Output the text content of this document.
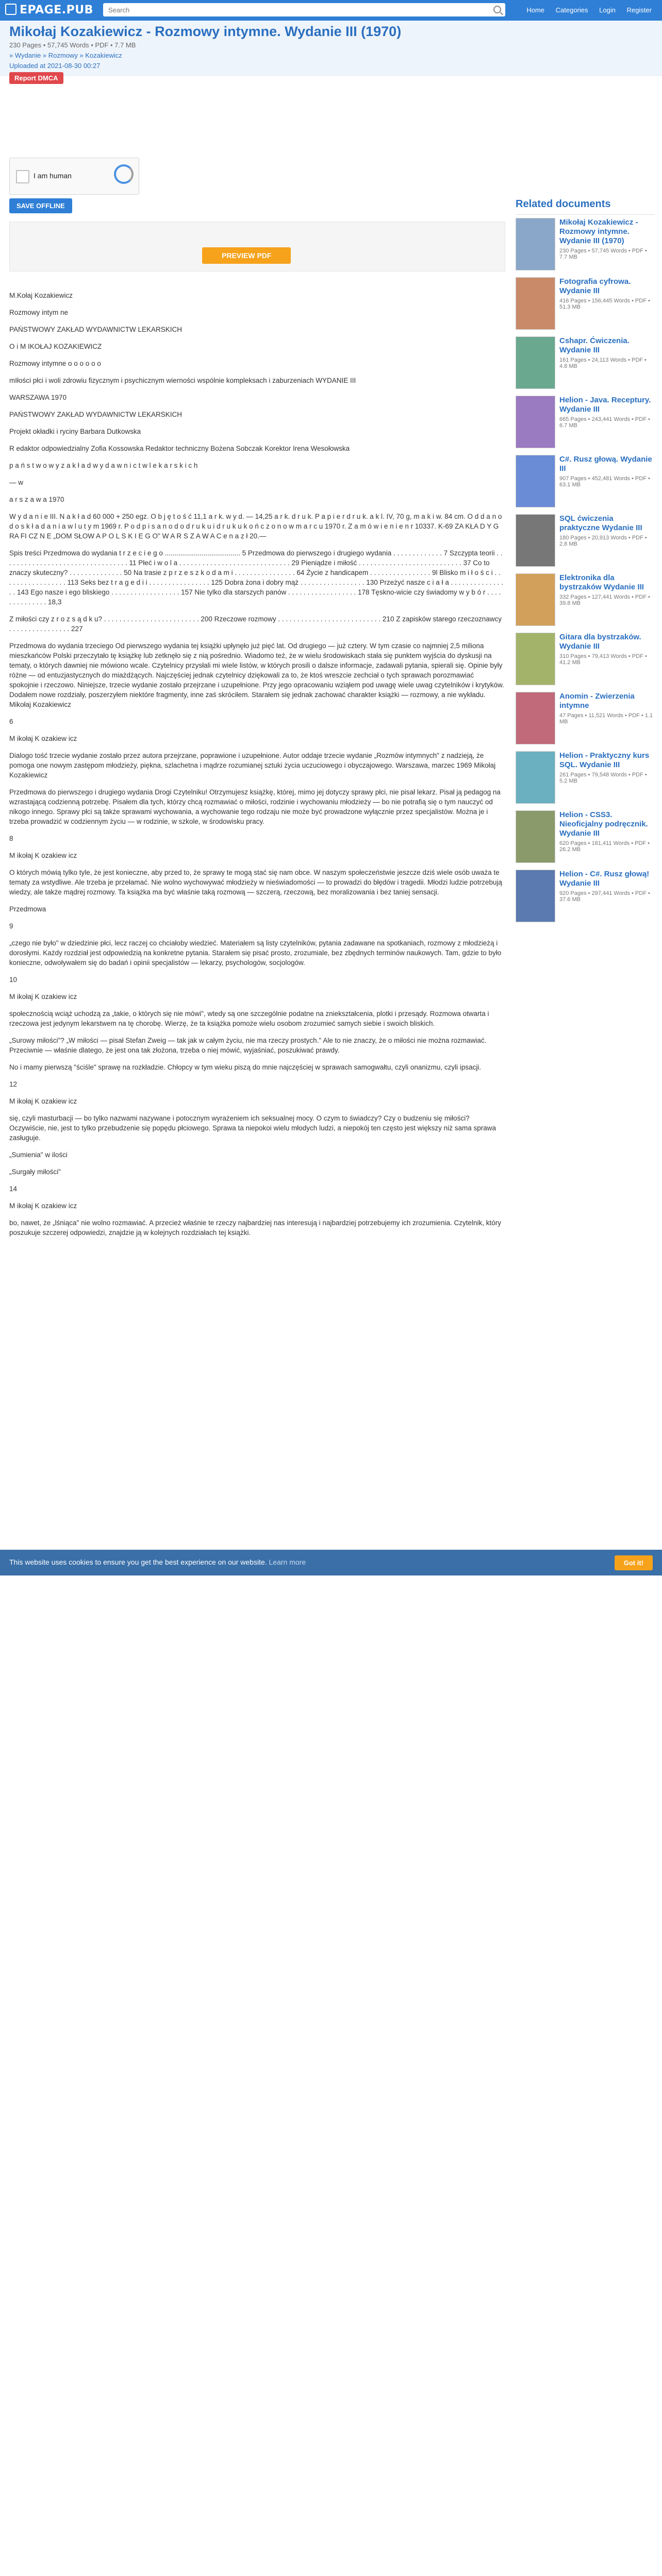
EPAGE.PUB
Search	Home Categories Login Register
Mikołaj Kozakiewicz - Rozmowy intymne. Wydanie III (1970)
230 Pages • 57,745 Words • PDF • 7.7 MB
» Wydanie » Rozmowy » Kozakiewicz
Uploaded at 2021-08-30 00:27
Report DMCA
I am human
SAVE OFFLINE
PREVIEW PDF

M.Kołaj Kozakiewicz

Rozmowy intym ne

PAŃSTWOWY ZAKŁAD WYDAWNICTW LEKARSKICH

O i M IKOŁAJ KOZAKIEWICZ

Rozmowy intymne o o o o o o

mIłości płci i woli zdrowiu fizycznym i psychicznym wierności wspólnie kompleksach i zaburzeniach WYDANIE III

WARSZAWA 1970

PAŃSTWOWY ZAKŁAD WYDAWNICTW LEKARSKICH

Projekt okładki i ryciny Barbara Dutkowska

R edaktor odpowiedzialny Zofia Kossowska Redaktor techniczny Bożena Sobczak Korektor Irena Wesołowska

p a ń s t w o w y z a k ł a d w y d a w n i c t w l e k a r s k i c h

— w

a r s z a w a 1970

W y d a n i e III. N a k ł a d 60 000 + 250 egz. O b j ę t o ś ć 11,1 a r k. w y d. — 14,25 a r k. d r u k. P a p i e r d r u k. a k l. IV, 70 g, m a k i w. 84 cm. O d d a n o d o s k ł a d a n i a w l u t y m 1969 r. P o d p i s a n o d o d r u k u i d r u k u k o ń c z o n o w m a r c u 1970 r. Z a m ó w i e n i e n r 10337. K-69 ZA KŁA D Y G RA FI CZ N E „DOM SŁOW A P O L S K I E G O" W A R S Z A W A C e n a z ł 20.—

Spis treści Przedmowa do wydania t r z e c i e g o ....................................... 5 Przedmowa do pierwszego i drugiego wydania . . . . . . . . . . . . . 7 Szczypta teorii . . . . . . . . . . . . . . . . . . . . . . . . . . . . . . . . . 11 Płeć i w o l a . . . . . . . . . . . . . . . . . . . . . . . . . . . . . 29 Pieniądze i miłość . . . . . . . . . . . . . . . . . . . . . . . . . . . 37 Co to znaczy skuteczny? . . . . . . . . . . . . . . 50 Na trasie z p r z e s z k o d a m i . . . . . . . . . . . . . . . . 64 Życie z handicapem . . . . . . . . . . . . . . . . 9l Blisko m i ł o ś c i . . . . . . . . . . . . . . . . . 113 Seks bez t r a g e d i i . . . . . . . . . . . . . . . . 125 Dobra żona i dobry mąż . . . . . . . . . . . . . . . . . 130 Przeżyć nasze c i a ł a . . . . . . . . . . . . . . . . 143 Ego nasze i ego bliskiego . . . . . . . . . . . . . . . . . . 157 Nie tylko dla starszych panów . . . . . . . . . . . . . . . . . . 178 Tęskno-wicie czy świadomy w y b ó r . . . . . . . . . . . . . . 18,3

Z miłości czy z r o z s ą d k u? . . . . . . . . . . . . . . . . . . . . . . . . . 200 Rzeczowe rozmowy . . . . . . . . . . . . . . . . . . . . . . . . . . . 210 Z zapisków starego rzeczoznawcy . . . . . . . . . . . . . . . . 227

Przedmowa do wydania trzeciego Od pierwszego wydania tej książki upłynęło już pięć lat. Od drugiego — już cztery. W tym czasie co najmniej 2,5 miliona mieszkańców Polski przeczytało tę książkę lub zetknęło się z nią pośrednio. Wiadomo też, że w wielu środowiskach stała się punktem wyjścia do dyskusji na tematy, o których dawniej nie mówiono wcale. Czytelnicy przysłali mi wiele listów, w których prosili o dalsze informacje, zadawali pytania, spierali się. Opinie były różne — od entuzjastycznych do miażdżących. Najczęściej jednak czytelnicy dziękowali za to, że ktoś wreszcie zechciał o tych sprawach porozmawiać spokojnie i rzeczowo. Niniejsze, trzecie wydanie zostało przejrzane i uzupełnione. Przy jego opracowaniu wziąłem pod uwagę wiele uwag czytelników i krytyków. Dodałem nowe rozdziały, poszerzyłem niektóre fragmenty, inne zaś skróciłem. Starałem się jednak zachować charakter książki — rozmowy, a nie wykładu. Mikołaj Kozakiewicz

6

M ikołaj K ozakiew icz

Dialogo tość trzecie wydanie zostało przez autora przejrzane, poprawione i uzupełnione. Autor oddaje trzecie wydanie „Rozmów intymnych" z nadzieją, że pomoga one nowym zastępom młodzieży, piękna, szlachetna i mądrze rozumianej sztuki życia uczuciowego i obyczajowego. Warszawa, marzec 1969 Mikołaj Kozakiewicz

Przedmowa do pierwszego i drugiego wydania Drogi Czytelniku! Otrzymujesz książkę, której, mimo jej dotyczy sprawy płci, nie pisał lekarz. Pisał ją pedagog na wzrastającą codzienną potrzebę. Pisałem dla tych, którzy chcą rozmawiać o miłości, rodzinie i wychowaniu młodzieży — bo nie potrafią się o tym nauczyć od nikogo innego. Sprawy płci są także sprawami wychowania, a wychowanie tego rodzaju nie może być prowadzone wyłącznie przez specjalistów. Można je i trzeba prowadzić w codziennym życiu — w rodzinie, w szkole, w środowisku pracy.

8

M ikołaj K ozakiew icz

O których mówią tylko tyle, że jest konieczne, aby przed to, że sprawy te mogą stać się nam obce. W naszym społeczeństwie jeszcze dziś wiele osób uważa te tematy za wstydliwe. Ale trzeba je przełamać. Nie wolno wychowywać młodzieży w nieświadomości — to prowadzi do błędów i tragedii. Młodzi ludzie potrzebują wiedzy, ale także mądrej rozmowy. Ta książka ma być właśnie taką rozmową — szczerą, rzeczową, bez moralizowania i bez taniej sensacji.

Przedmowa

9

„czego nie było" w dziedzinie płci, lecz raczej co chciałoby wiedzieć. Materiałem są listy czytelników, pytania zadawane na spotkaniach, rozmowy z młodzieżą i dorosłymi. Każdy rozdział jest odpowiedzią na konkretne pytania. Starałem się pisać prosto, zrozumiale, bez zbędnych terminów naukowych. Tam, gdzie to było konieczne, odwoływałem się do badań i opinii specjalistów — lekarzy, psychologów, socjologów.

10

M ikołaj K ozakiew icz

społecznością wciąż uchodzą za „takie, o których się nie mówi", wtedy są one szczególnie podatne na zniekształcenia, plotki i przesądy. Rozmowa otwarta i rzeczowa jest jedynym lekarstwem na tę chorobę. Wierzę, że ta książka pomoże wielu osobom zrozumieć samych siebie i swoich bliskich.

„Surowy miłości"? „W miłości — pisał Stefan Zweig — tak jak w całym życiu, nie ma rzeczy prostych." Ale to nie znaczy, że o miłości nie można rozmawiać. Przeciwnie — właśnie dlatego, że jest ona tak złożona, trzeba o niej mówić, wyjaśniać, poszukiwać prawdy.

No i mamy pierwszą "ściśle" sprawę na rozkładzie. Chłopcy w tym wieku piszą do mnie najczęściej w sprawach samogwałtu, czyli onanizmu, czyli ipsacji.

12

M ikołaj K ozakiew icz

się, czyli masturbacji — bo tylko nazwami nazywane i potocznym wyrażeniem ich seksualnej mocy. O czym to świadczy? Czy o budzeniu się miłości? Oczywiście, nie, jest to tylko przebudzenie się popędu płciowego. Sprawa ta niepokoi wielu młodych ludzi, a niepokój ten często jest większy niż sama sprawa zasługuje.

„Sumienia" w ilości

„Surgały miłości"

14

M ikołaj K ozakiew icz

bo, nawet, że „lśniąca" nie wolno rozmawiać. A przecież właśnie te rzeczy najbardziej nas interesują i najbardziej potrzebujemy ich zrozumienia. Czytelnik, który poszukuje szczerej odpowiedzi, znajdzie ją w kolejnych rozdziałach tej książki.

Related documents
Mikołaj Kozakiewicz - Rozmowy intymne. Wydanie III (1970)
230 Pages • 57,745 Words • PDF • 7.7 MB
Fotografia cyfrowa. Wydanie III
416 Pages • 156,445 Words • PDF • 51.3 MB
Cshapr. Ćwiczenia. Wydanie III
161 Pages • 24,113 Words • PDF • 4.8 MB
Helion - Java. Receptury. Wydanie III
665 Pages • 243,441 Words • PDF • 6.7 MB
C#. Rusz głową. Wydanie III
907 Pages • 452,481 Words • PDF • 63.1 MB
SQL ćwiczenia praktyczne Wydanie III
180 Pages • 20,913 Words • PDF • 2.8 MB
Elektronika dla bystrzaków Wydanie III
332 Pages • 127,441 Words • PDF • 39.8 MB
Gitara dla bystrzaków. Wydanie III
310 Pages • 79,413 Words • PDF • 41.2 MB
Anomin - Zwierzenia intymne
47 Pages • 11,521 Words • PDF • 1.1 MB
Helion - Praktyczny kurs SQL. Wydanie III
261 Pages • 79,548 Words • PDF • 5.2 MB
Helion - CSS3. Nieoficjalny podręcznik. Wydanie III
620 Pages • 181,411 Words • PDF • 26.2 MB
Helion - C#. Rusz głową! Wydanie III
920 Pages • 297,441 Words • PDF • 37.6 MB
This website uses cookies to ensure you get the best experience on our website. Learn more	Got it!
